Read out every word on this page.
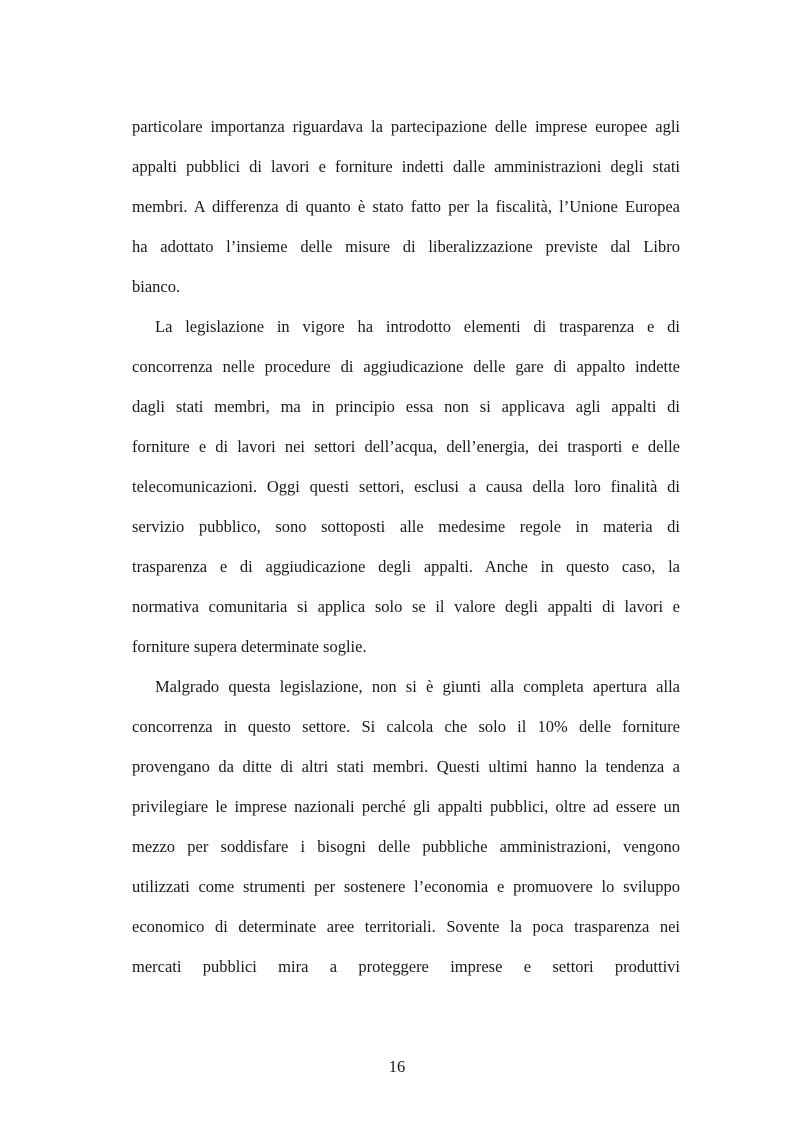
particolare importanza riguardava la partecipazione delle imprese europee agli
appalti pubblici di lavori e forniture indetti dalle amministrazioni degli stati
membri. A differenza di quanto è stato fatto per la fiscalità, l’Unione Europea
ha adottato l’insieme delle misure di liberalizzazione previste dal Libro
bianco.
La legislazione in vigore ha introdotto elementi di trasparenza e di
concorrenza nelle procedure di aggiudicazione delle gare di appalto indette
dagli stati membri, ma in principio essa non si applicava agli appalti di
forniture e di lavori nei settori dell’acqua, dell’energia, dei trasporti e delle
telecomunicazioni. Oggi questi settori, esclusi a causa della loro finalità di
servizio pubblico, sono sottoposti alle medesime regole in materia di
trasparenza e di aggiudicazione degli appalti. Anche in questo caso, la
normativa comunitaria si applica solo se il valore degli appalti di lavori e
forniture supera determinate soglie.
Malgrado questa legislazione, non si è giunti alla completa apertura alla
concorrenza in questo settore. Si calcola che solo il 10% delle forniture
provengano da ditte di altri stati membri. Questi ultimi hanno la tendenza a
privilegiare le imprese nazionali perché gli appalti pubblici, oltre ad essere un
mezzo per soddisfare i bisogni delle pubbliche amministrazioni, vengono
utilizzati come strumenti per sostenere l’economia e promuovere lo sviluppo
economico di determinate aree territoriali. Sovente la poca trasparenza nei
mercati pubblici mira a proteggere imprese e settori produttivi
16
